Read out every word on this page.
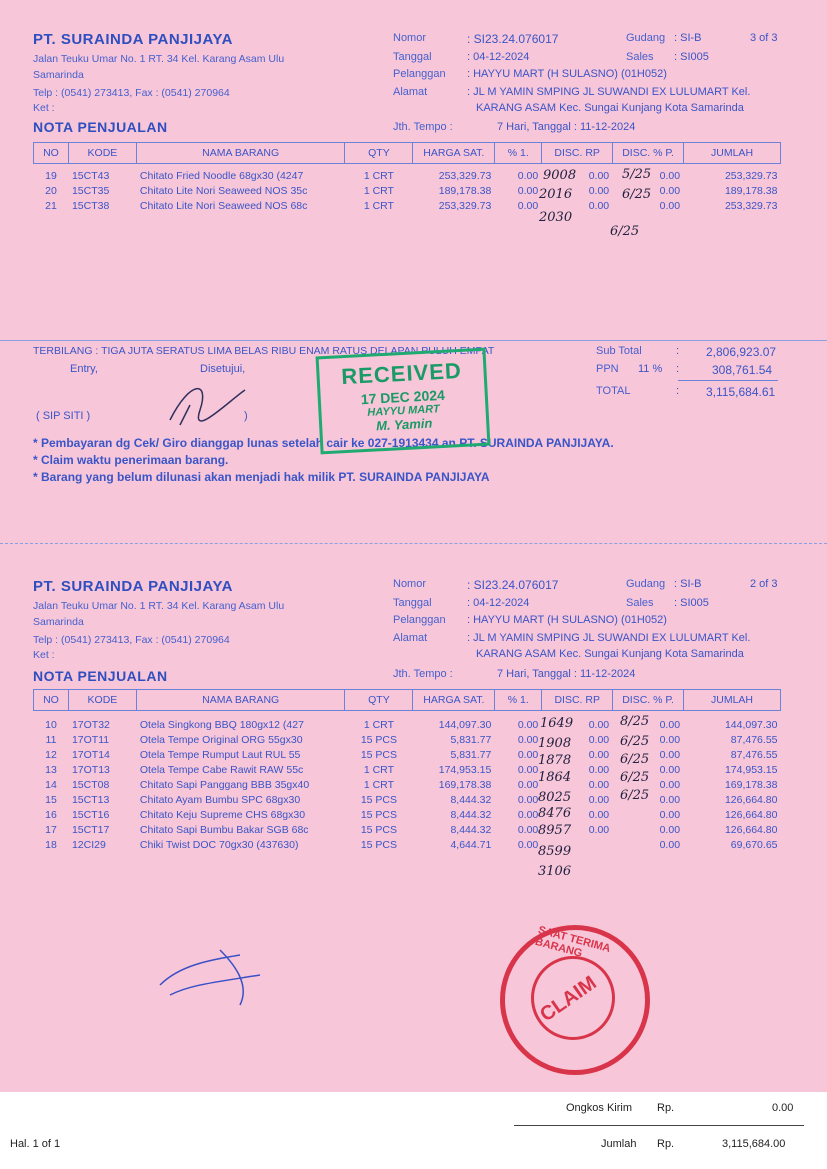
PT. SURAINDA PANJIJAYA
Jalan Teuku Umar No. 1 RT. 34 Kel. Karang Asam Ulu
Samarinda
Telp : (0541) 273413, Fax : (0541) 270964
Ket :
Nomor	: SI23.24.076017
Tanggal	: 04-12-2024
Pelanggan : HAYYU MART (H SULASNO) (01H052)
Alamat	: JL M YAMIN SMPING JL SUWANDI EX LULUMART Kel.
KARANG ASAM Kec. Sungai Kunjang Kota Samarinda
Gudang : SI-B	3 of 3
Sales : SI005
NOTA PENJUALAN	Jth. Tempo :	7 Hari, Tanggal : 11-12-2024
NO	KODE	NAMA BARANG	QTY	HARGA SAT.	% 1.	DISC. RP	DISC. % P.	JUMLAH

19	15CT43	Chitato Fried Noodle 68gx30 (4247	1 CRT	253,329.73	0.00	0.00	0.00	253,329.73
20	15CT35	Chitato Lite Nori Seaweed NOS 35c	1 CRT	189,178.38	0.00	0.00	0.00	189,178.38
21	15CT38	Chitato Lite Nori Seaweed NOS 68c	1 CRT	253,329.73	0.00	0.00	0.00	253,329.73
9008
2016
2030
5/25
6/25
6/25
TERBILANG : TIGA JUTA SERATUS LIMA BELAS RIBU ENAM RATUS DELAPAN PULUH EMPAT
Entry,	Disetujui,
( SIP SITI )	)
Sub Total	: 2,806,923.07
PPN 11 % :	308,761.54
TOTAL	: 3,115,684.61
* Pembayaran dg Cek/ Giro dianggap lunas setelah cair ke 027-1913434 an PT. SURAINDA PANJIJAYA.
* Claim waktu penerimaan barang.
* Barang yang belum dilunasi akan menjadi hak milik PT. SURAINDA PANJIJAYA
RECEIVED
17 DEC 2024
HAYYU MART
M. Yamin
PT. SURAINDA PANJIJAYA
Jalan Teuku Umar No. 1 RT. 34 Kel. Karang Asam Ulu
Samarinda
Telp : (0541) 273413, Fax : (0541) 270964
Ket :
Nomor	: SI23.24.076017
Tanggal	: 04-12-2024
Pelanggan : HAYYU MART (H SULASNO) (01H052)
Alamat	: JL M YAMIN SMPING JL SUWANDI EX LULUMART Kel.
KARANG ASAM Kec. Sungai Kunjang Kota Samarinda
Gudang : SI-B	2 of 3
Sales : SI005
NOTA PENJUALAN	Jth. Tempo :	7 Hari, Tanggal : 11-12-2024
NO	KODE	NAMA BARANG	QTY	HARGA SAT.	% 1.	DISC. RP	DISC. % P.	JUMLAH

10	17OT32	Otela Singkong BBQ 180gx12 (427	1 CRT	144,097.30	0.00	0.00	0.00	144,097.30
11	17OT11	Otela Tempe Original ORG 55gx30	15 PCS	5,831.77	0.00	0.00	0.00	87,476.55
12	17OT14	Otela Tempe Rumput Laut RUL 55	15 PCS	5,831.77	0.00	0.00	0.00	87,476.55
13	17OT13	Otela Tempe Cabe Rawit RAW 55c	1 CRT	174,953.15	0.00	0.00	0.00	174,953.15
14	15CT08	Chitato Sapi Panggang BBB 35gx40	1 CRT	169,178.38	0.00	0.00	0.00	169,178.38
15	15CT13	Chitato Ayam Bumbu SPC 68gx30	15 PCS	8,444.32	0.00	0.00	0.00	126,664.80
16	15CT16	Chitato Keju Supreme CHS 68gx30	15 PCS	8,444.32	0.00	0.00	0.00	126,664.80
17	15CT17	Chitato Sapi Bumbu Bakar SGB 68c	15 PCS	8,444.32	0.00	0.00	0.00	126,664.80
18	12CI29	Chiki Twist DOC 70gx30 (437630)	15 PCS	4,644.71	0.00		0.00	69,670.65
1649
1908
1878
1864
8025
8476
8957
8599
3106
8/25
6/25
6/25
6/25
6/25
SAAT TERIMA BARANG
CLAIM
Ongkos Kirim Rp.	0.00
Hal. 1 of 1	Jumlah Rp.	3,115,684.00
